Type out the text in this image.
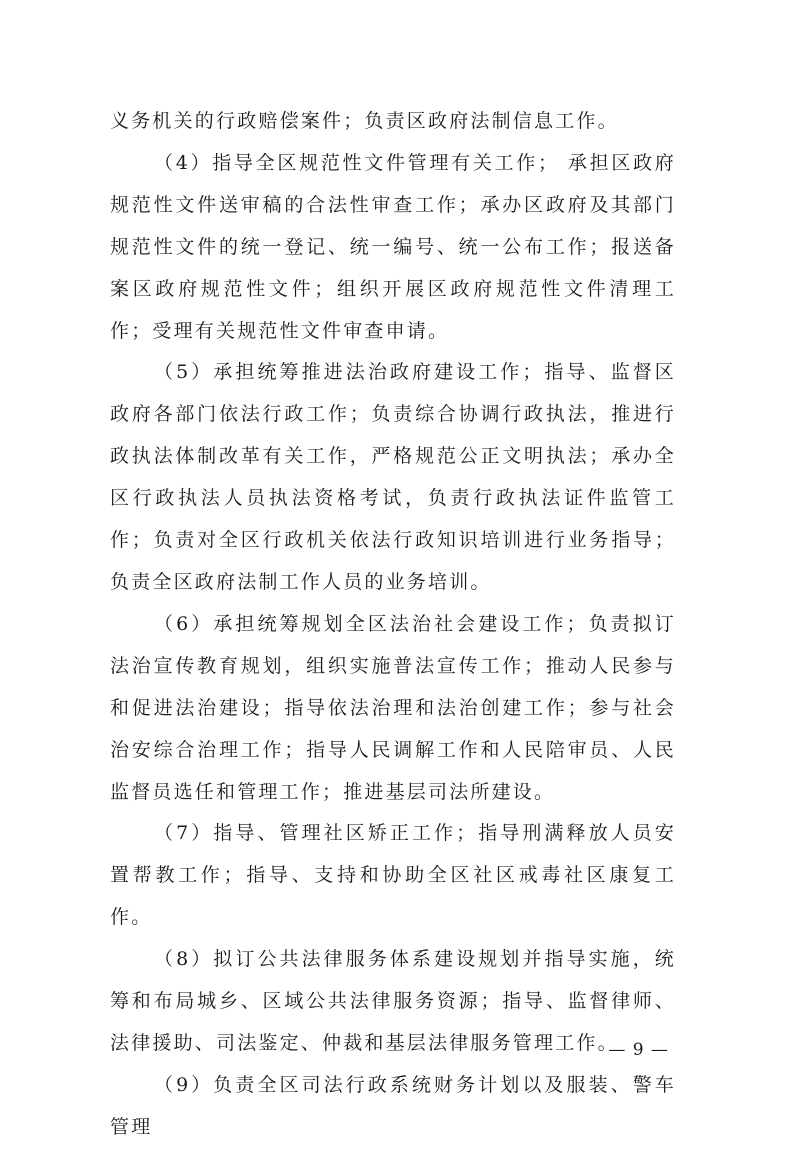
义务机关的行政赔偿案件；负责区政府法制信息工作。

（4）指导全区规范性文件管理有关工作； 承担区政府规范性文件送审稿的合法性审查工作；承办区政府及其部门规范性文件的统一登记、统一编号、统一公布工作；报送备案区政府规范性文件；组织开展区政府规范性文件清理工作；受理有关规范性文件审查申请。

（5）承担统筹推进法治政府建设工作；指导、监督区政府各部门依法行政工作；负责综合协调行政执法，推进行政执法体制改革有关工作，严格规范公正文明执法；承办全区行政执法人员执法资格考试，负责行政执法证件监管工作；负责对全区行政机关依法行政知识培训进行业务指导；负责全区政府法制工作人员的业务培训。

（6）承担统筹规划全区法治社会建设工作；负责拟订法治宣传教育规划，组织实施普法宣传工作；推动人民参与和促进法治建设；指导依法治理和法治创建工作；参与社会治安综合治理工作；指导人民调解工作和人民陪审员、人民监督员选任和管理工作；推进基层司法所建设。

（7）指导、管理社区矫正工作；指导刑满释放人员安置帮教工作；指导、支持和协助全区社区戒毒社区康复工作。

（8）拟订公共法律服务体系建设规划并指导实施，统筹和布局城乡、区域公共法律服务资源；指导、监督律师、法律援助、司法鉴定、仲裁和基层法律服务管理工作。

（9）负责全区司法行政系统财务计划以及服装、警车管理

— 9 —
